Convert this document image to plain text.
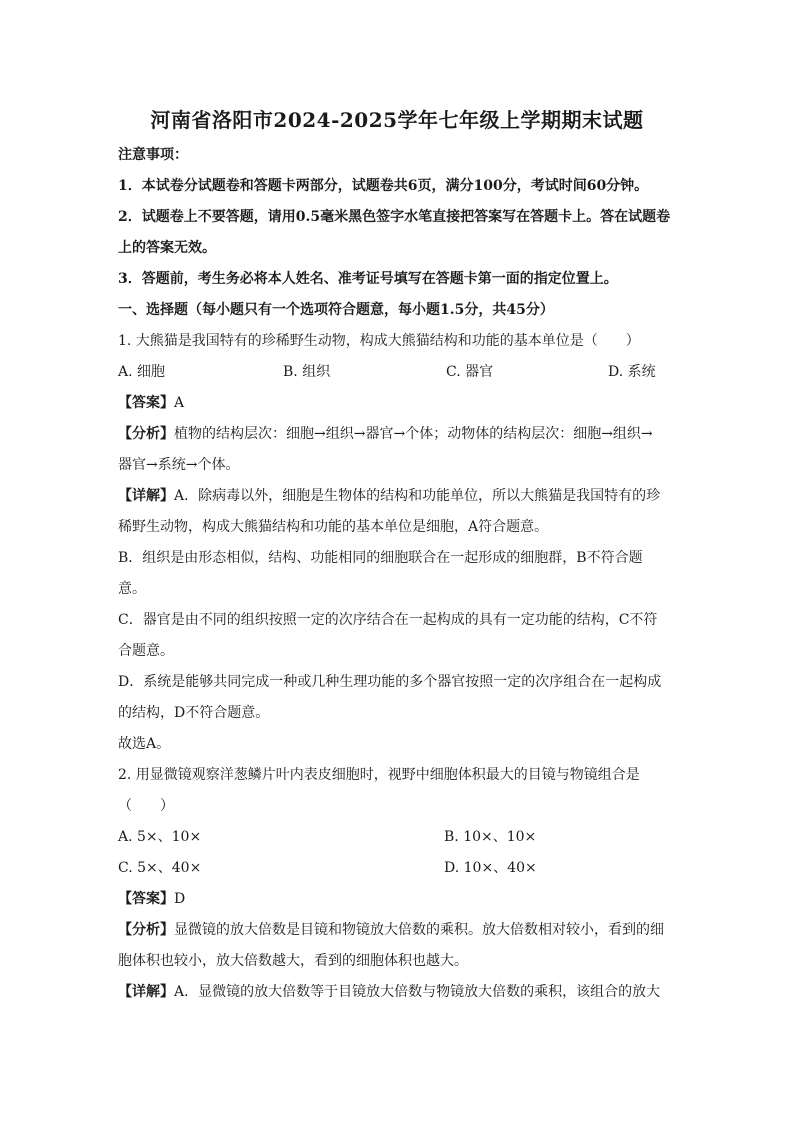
河南省洛阳市2024-2025学年七年级上学期期末试题
注意事项：
1．本试卷分试题卷和答题卡两部分，试题卷共6页，满分100分，考试时间60分钟。
2．试题卷上不要答题，请用0.5毫米黑色签字水笔直接把答案写在答题卡上。答在试题卷
上的答案无效。
3．答题前，考生务必将本人姓名、准考证号填写在答题卡第一面的指定位置上。
一、选择题（每小题只有一个选项符合题意，每小题1.5分，共45分）
1. 大熊猫是我国特有的珍稀野生动物，构成大熊猫结构和功能的基本单位是（　　）
A. 细胞	B. 组织	C. 器官	D. 系统
【答案】A
【分析】植物的结构层次：细胞→组织→器官→个体；动物体的结构层次：细胞→组织→
器官→系统→个体。
【详解】A．除病毒以外，细胞是生物体的结构和功能单位，所以大熊猫是我国特有的珍
稀野生动物，构成大熊猫结构和功能的基本单位是细胞，A符合题意。
B．组织是由形态相似，结构、功能相同的细胞联合在一起形成的细胞群，B不符合题
意。
C．器官是由不同的组织按照一定的次序结合在一起构成的具有一定功能的结构，C不符
合题意。
D．系统是能够共同完成一种或几种生理功能的多个器官按照一定的次序组合在一起构成
的结构，D不符合题意。
故选A。
2. 用显微镜观察洋葱鳞片叶内表皮细胞时，视野中细胞体积最大的目镜与物镜组合是
（　　）
A. 5×、10×	B. 10×、10×
C. 5×、40×	D. 10×、40×
【答案】D
【分析】显微镜的放大倍数是目镜和物镜放大倍数的乘积。放大倍数相对较小，看到的细
胞体积也较小，放大倍数越大，看到的细胞体积也越大。
【详解】A．显微镜的放大倍数等于目镜放大倍数与物镜放大倍数的乘积，该组合的放大
